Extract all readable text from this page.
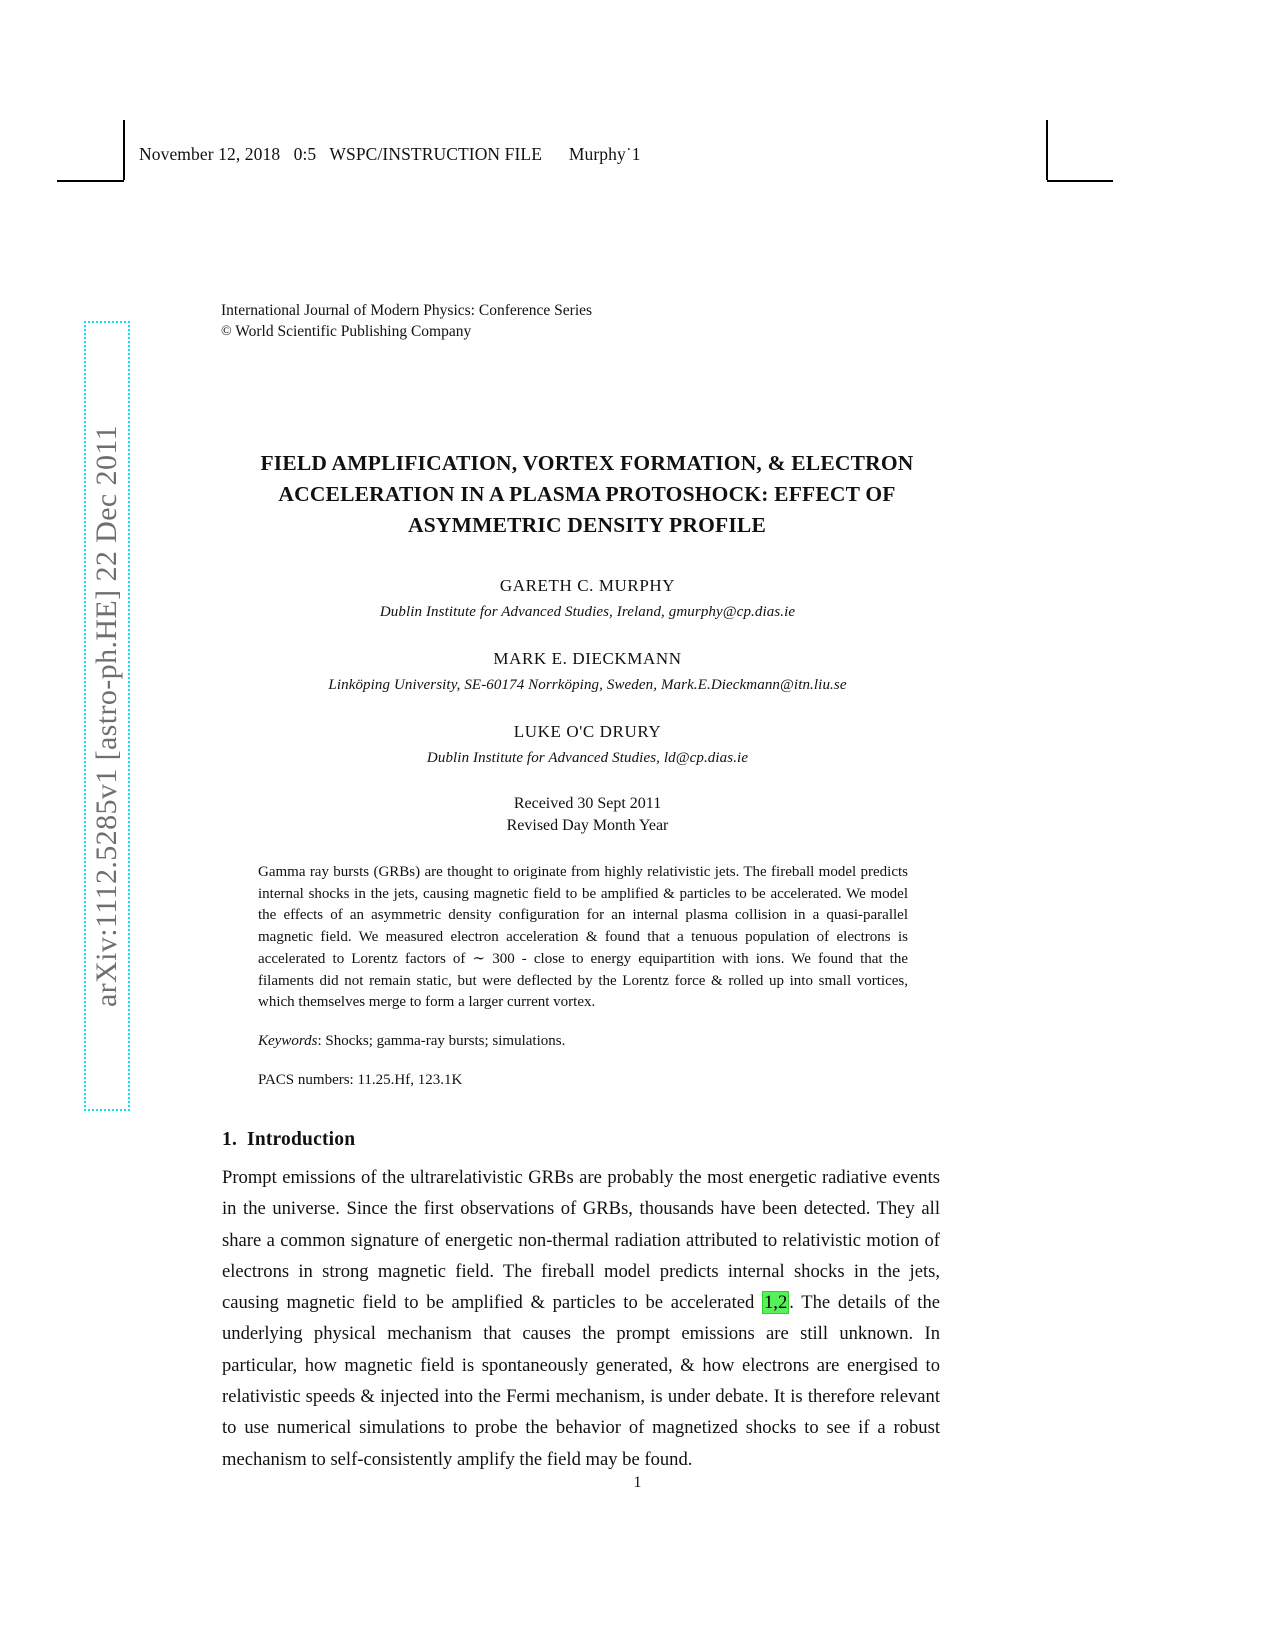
November 12, 2018   0:5   WSPC/INSTRUCTION FILE      Murphy˙1
arXiv:1112.5285v1 [astro-ph.HE] 22 Dec 2011
International Journal of Modern Physics: Conference Series
© World Scientific Publishing Company
FIELD AMPLIFICATION, VORTEX FORMATION, & ELECTRON ACCELERATION IN A PLASMA PROTOSHOCK: EFFECT OF ASYMMETRIC DENSITY PROFILE

GARETH C. MURPHY

Dublin Institute for Advanced Studies, Ireland, gmurphy@cp.dias.ie

MARK E. DIECKMANN

Linköping University, SE-60174 Norrköping, Sweden, Mark.E.Dieckmann@itn.liu.se

LUKE O'C DRURY

Dublin Institute for Advanced Studies, ld@cp.dias.ie

Received 30 Sept 2011
Revised Day Month Year

Gamma ray bursts (GRBs) are thought to originate from highly relativistic jets. The fireball model predicts internal shocks in the jets, causing magnetic field to be amplified & particles to be accelerated. We model the effects of an asymmetric density configuration for an internal plasma collision in a quasi-parallel magnetic field. We measured electron acceleration & found that a tenuous population of electrons is accelerated to Lorentz factors of ∼ 300 - close to energy equipartition with ions. We found that the filaments did not remain static, but were deflected by the Lorentz force & rolled up into small vortices, which themselves merge to form a larger current vortex.

Keywords: Shocks; gamma-ray bursts; simulations.

PACS numbers: 11.25.Hf, 123.1K

1. Introduction

Prompt emissions of the ultrarelativistic GRBs are probably the most energetic radiative events in the universe. Since the first observations of GRBs, thousands have been detected. They all share a common signature of energetic non-thermal radiation attributed to relativistic motion of electrons in strong magnetic field. The fireball model predicts internal shocks in the jets, causing magnetic field to be amplified & particles to be accelerated 1,2 . The details of the underlying physical mechanism that causes the prompt emissions are still unknown. In particular, how magnetic field is spontaneously generated, & how electrons are energised to relativistic speeds & injected into the Fermi mechanism, is under debate. It is therefore relevant to use numerical simulations to probe the behavior of magnetized shocks to see if a robust mechanism to self-consistently amplify the field may be found.

1
